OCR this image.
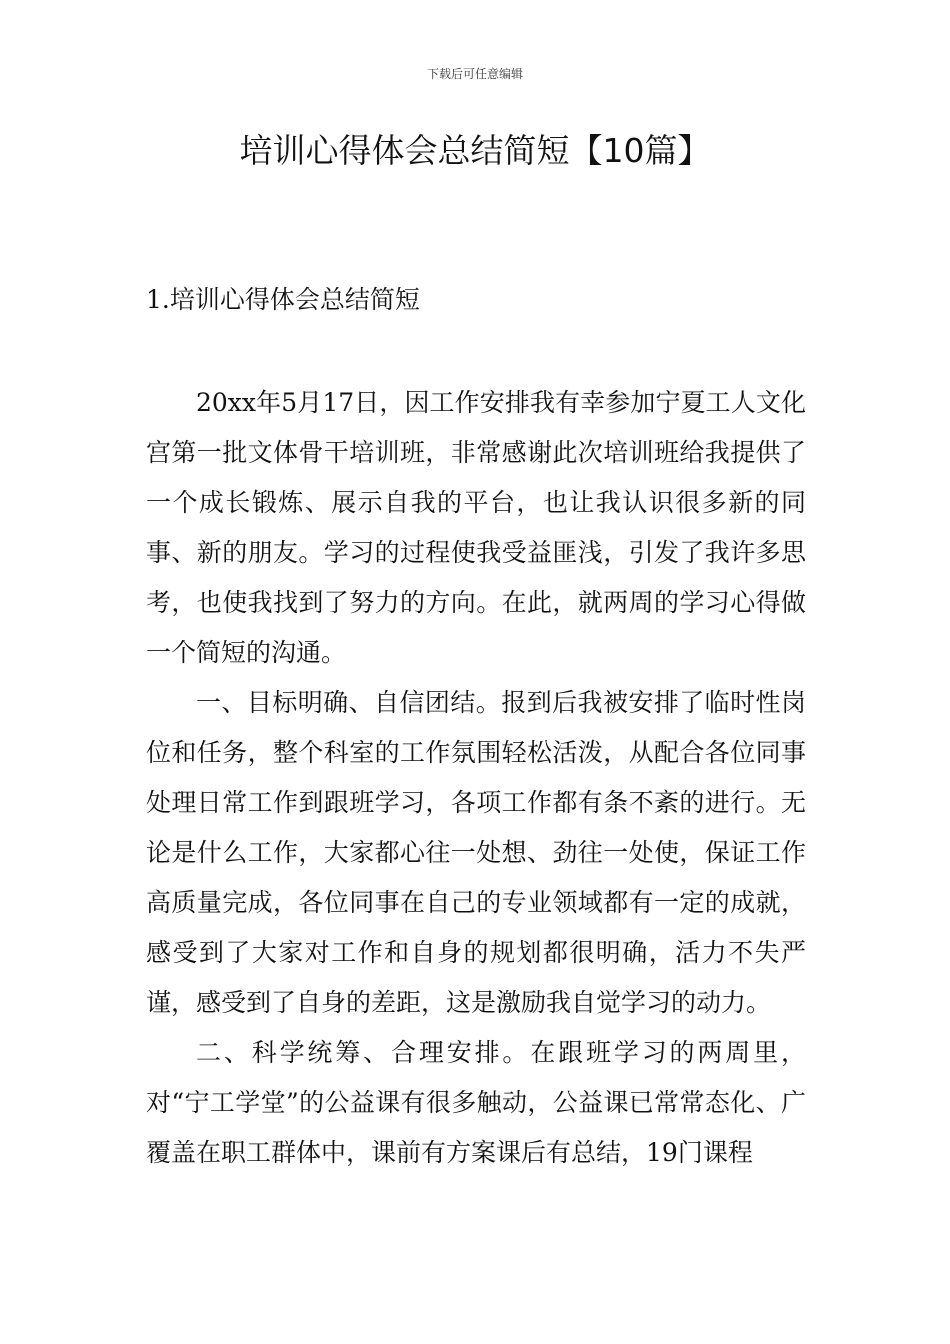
下载后可任意编辑
培训心得体会总结简短【10篇】
1.培训心得体会总结简短

20xx年5月17日，因工作安排我有幸参加宁夏工人文化宫第一批文体骨干培训班，非常感谢此次培训班给我提供了一个成长锻炼、展示自我的平台，也让我认识很多新的同事、新的朋友。学习的过程使我受益匪浅，引发了我许多思考，也使我找到了努力的方向。在此，就两周的学习心得做一个简短的沟通。

一、目标明确、自信团结。报到后我被安排了临时性岗位和任务，整个科室的工作氛围轻松活泼，从配合各位同事处理日常工作到跟班学习，各项工作都有条不紊的进行。无论是什么工作，大家都心往一处想、劲往一处使，保证工作高质量完成，各位同事在自己的专业领域都有一定的成就，感受到了大家对工作和自身的规划都很明确，活力不失严谨，感受到了自身的差距，这是激励我自觉学习的动力。

二、科学统筹、合理安排。在跟班学习的两周里，对“宁工学堂”的公益课有很多触动，公益课已常常态化、广覆盖在职工群体中，课前有方案课后有总结，19门课程
